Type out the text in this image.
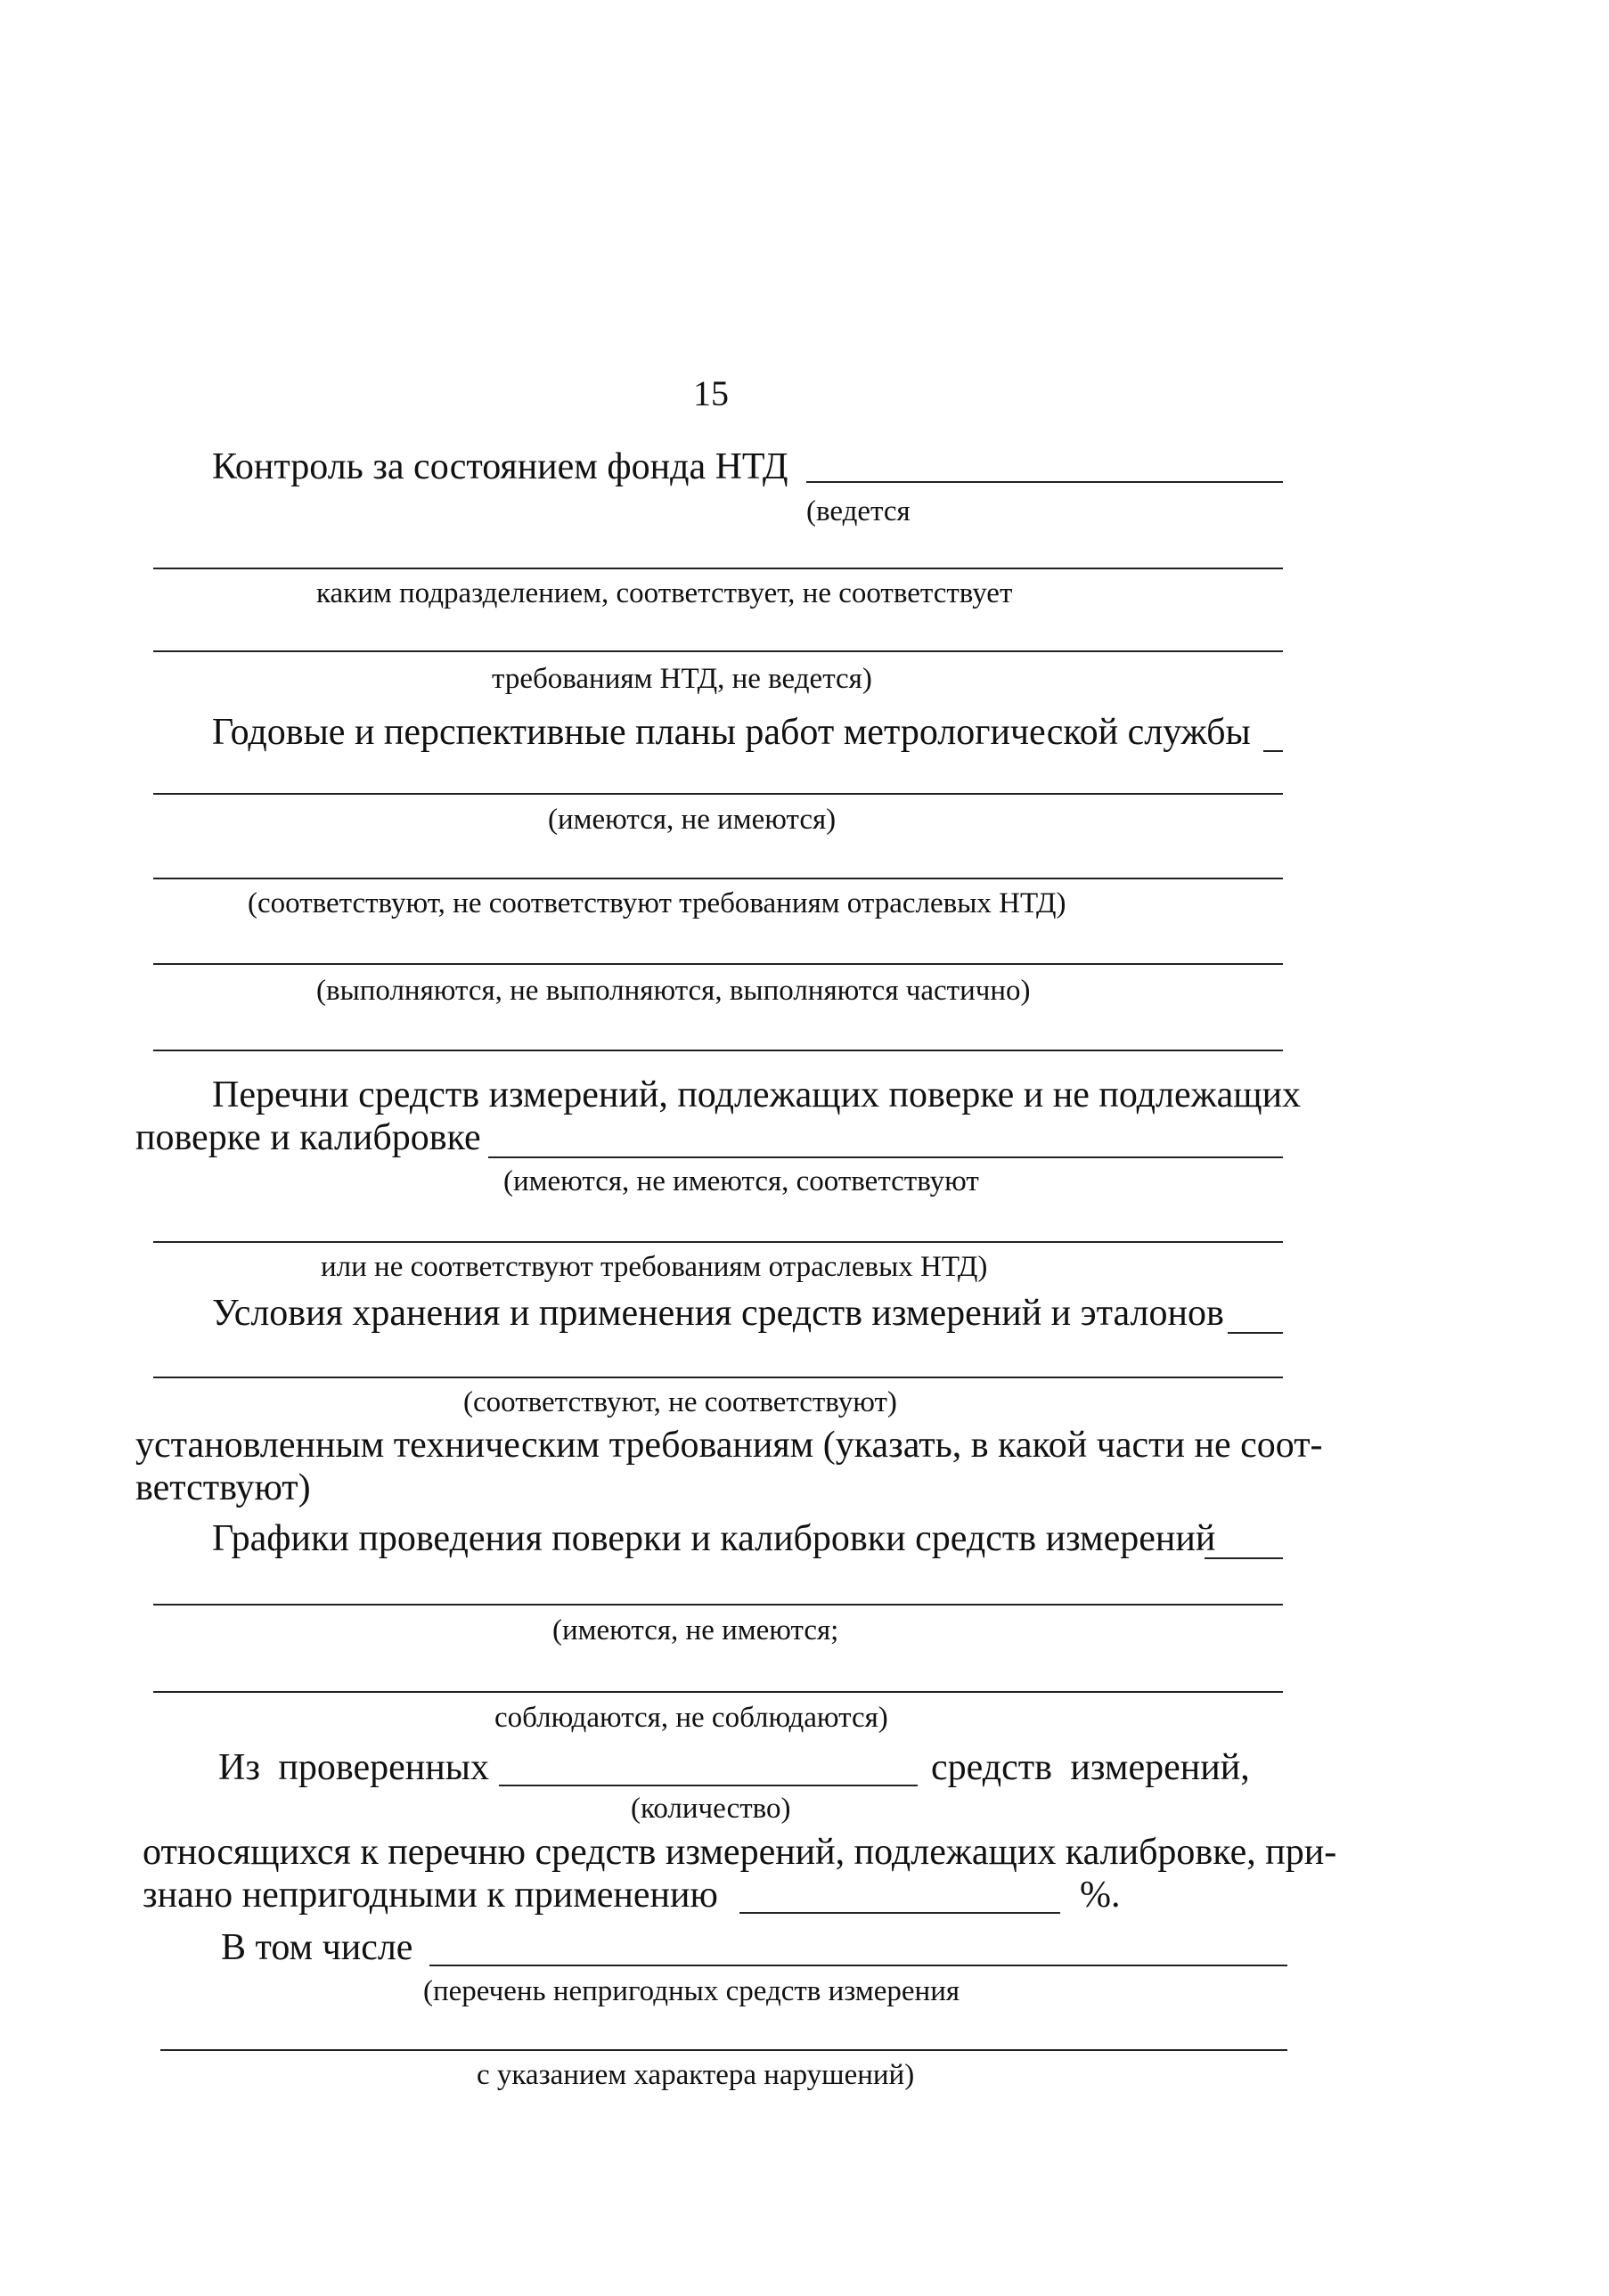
15
Контроль за состоянием фонда НТД
(ведется
каким подразделением, соответствует, не соответствует
требованиям НТД, не ведется)
Годовые и перспективные планы работ метрологической службы
(имеются, не имеются)
(соответствуют, не соответствуют требованиям отраслевых НТД)
(выполняются, не выполняются, выполняются частично)
Перечни средств измерений, подлежащих поверке и не подлежащих
поверке и калибровке
(имеются, не имеются, соответствуют
или не соответствуют требованиям отраслевых НТД)
Условия хранения и применения средств измерений и эталонов
(соответствуют, не соответствуют)
установленным техническим требованиям (указать, в какой части не соот-
ветствуют)
Графики проведения поверки и калибровки средств измерений
(имеются, не имеются;
соблюдаются, не соблюдаются)
Из проверенных	средств измерений,
(количество)
относящихся к перечню средств измерений, подлежащих калибровке, при-
знано непригодными к применению	%.
В том числе
(перечень непригодных средств измерения
с указанием характера нарушений)
